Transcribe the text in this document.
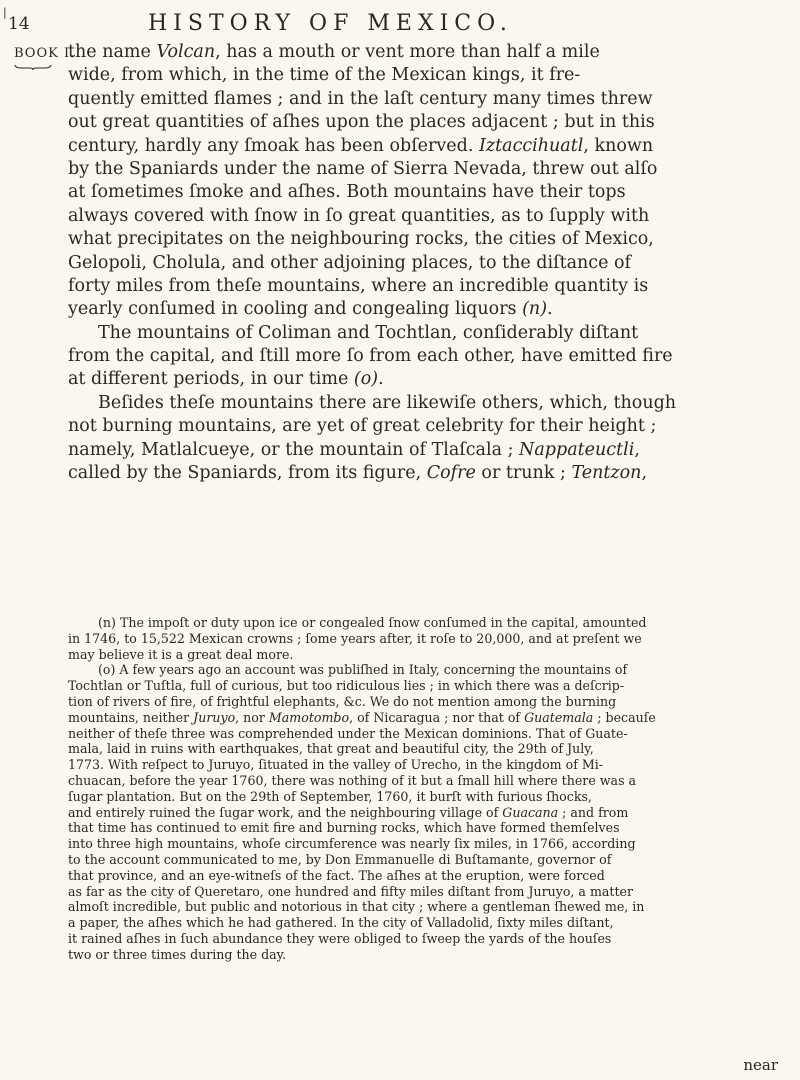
|
14	HISTORY OF MEXICO.
BOOK I.
the name Volcan, has a mouth or vent more than half a mile
wide, from which, in the time of the Mexican kings, it fre-
quently emitted flames ; and in the laſt century many times threw
out great quantities of aſhes upon the places adjacent ; but in this
century, hardly any ſmoak has been obſerved. Iztaccihuatl, known
by the Spaniards under the name of Sierra Nevada, threw out alſo
at ſometimes ſmoke and aſhes. Both mountains have their tops
always covered with ſnow in ſo great quantities, as to ſupply with
what precipitates on the neighbouring rocks, the cities of Mexico,
Gelopoli, Cholula, and other adjoining places, to the diſtance of
forty miles from theſe mountains, where an incredible quantity is
yearly conſumed in cooling and congealing liquors (n).
The mountains of Coliman and Tochtlan, conſiderably diſtant
from the capital, and ſtill more ſo from each other, have emitted fire
at different periods, in our time (o).
Beſides theſe mountains there are likewiſe others, which, though
not burning mountains, are yet of great celebrity for their height ;
namely, Matlalcueye, or the mountain of Tlaſcala ; Nappateuctli,
called by the Spaniards, from its figure, Cofre or trunk ; Tentzon,
(n) The impoſt or duty upon ice or congealed ſnow conſumed in the capital, amounted
in 1746, to 15,522 Mexican crowns ; ſome years after, it roſe to 20,000, and at preſent we
may believe it is a great deal more.
(o) A few years ago an account was publiſhed in Italy, concerning the mountains of
Tochtlan or Tuſtla, full of curious, but too ridiculous lies ; in which there was a deſcrip-
tion of rivers of fire, of frightful elephants, &c. We do not mention among the burning
mountains, neither Juruyo, nor Mamotombo, of Nicaragua ; nor that of Guatemala ; becauſe
neither of theſe three was comprehended under the Mexican dominions. That of Guate-
mala, laid in ruins with earthquakes, that great and beautiful city, the 29th of July,
1773. With reſpect to Juruyo, ſituated in the valley of Urecho, in the kingdom of Mi-
chuacan, before the year 1760, there was nothing of it but a ſmall hill where there was a
ſugar plantation. But on the 29th of September, 1760, it burſt with furious ſhocks,
and entirely ruined the ſugar work, and the neighbouring village of Guacana ; and from
that time has continued to emit fire and burning rocks, which have formed themſelves
into three high mountains, whoſe circumference was nearly ſix miles, in 1766, according
to the account communicated to me, by Don Emmanuelle di Buſtamante, governor of
that province, and an eye-witneſs of the fact. The aſhes at the eruption, were forced
as far as the city of Queretaro, one hundred and fifty miles diſtant from Juruyo, a matter
almoſt incredible, but public and notorious in that city ; where a gentleman ſhewed me, in
a paper, the aſhes which he had gathered. In the city of Valladolid, ſixty miles diſtant,
it rained aſhes in ſuch abundance they were obliged to ſweep the yards of the houſes
two or three times during the day.
near
